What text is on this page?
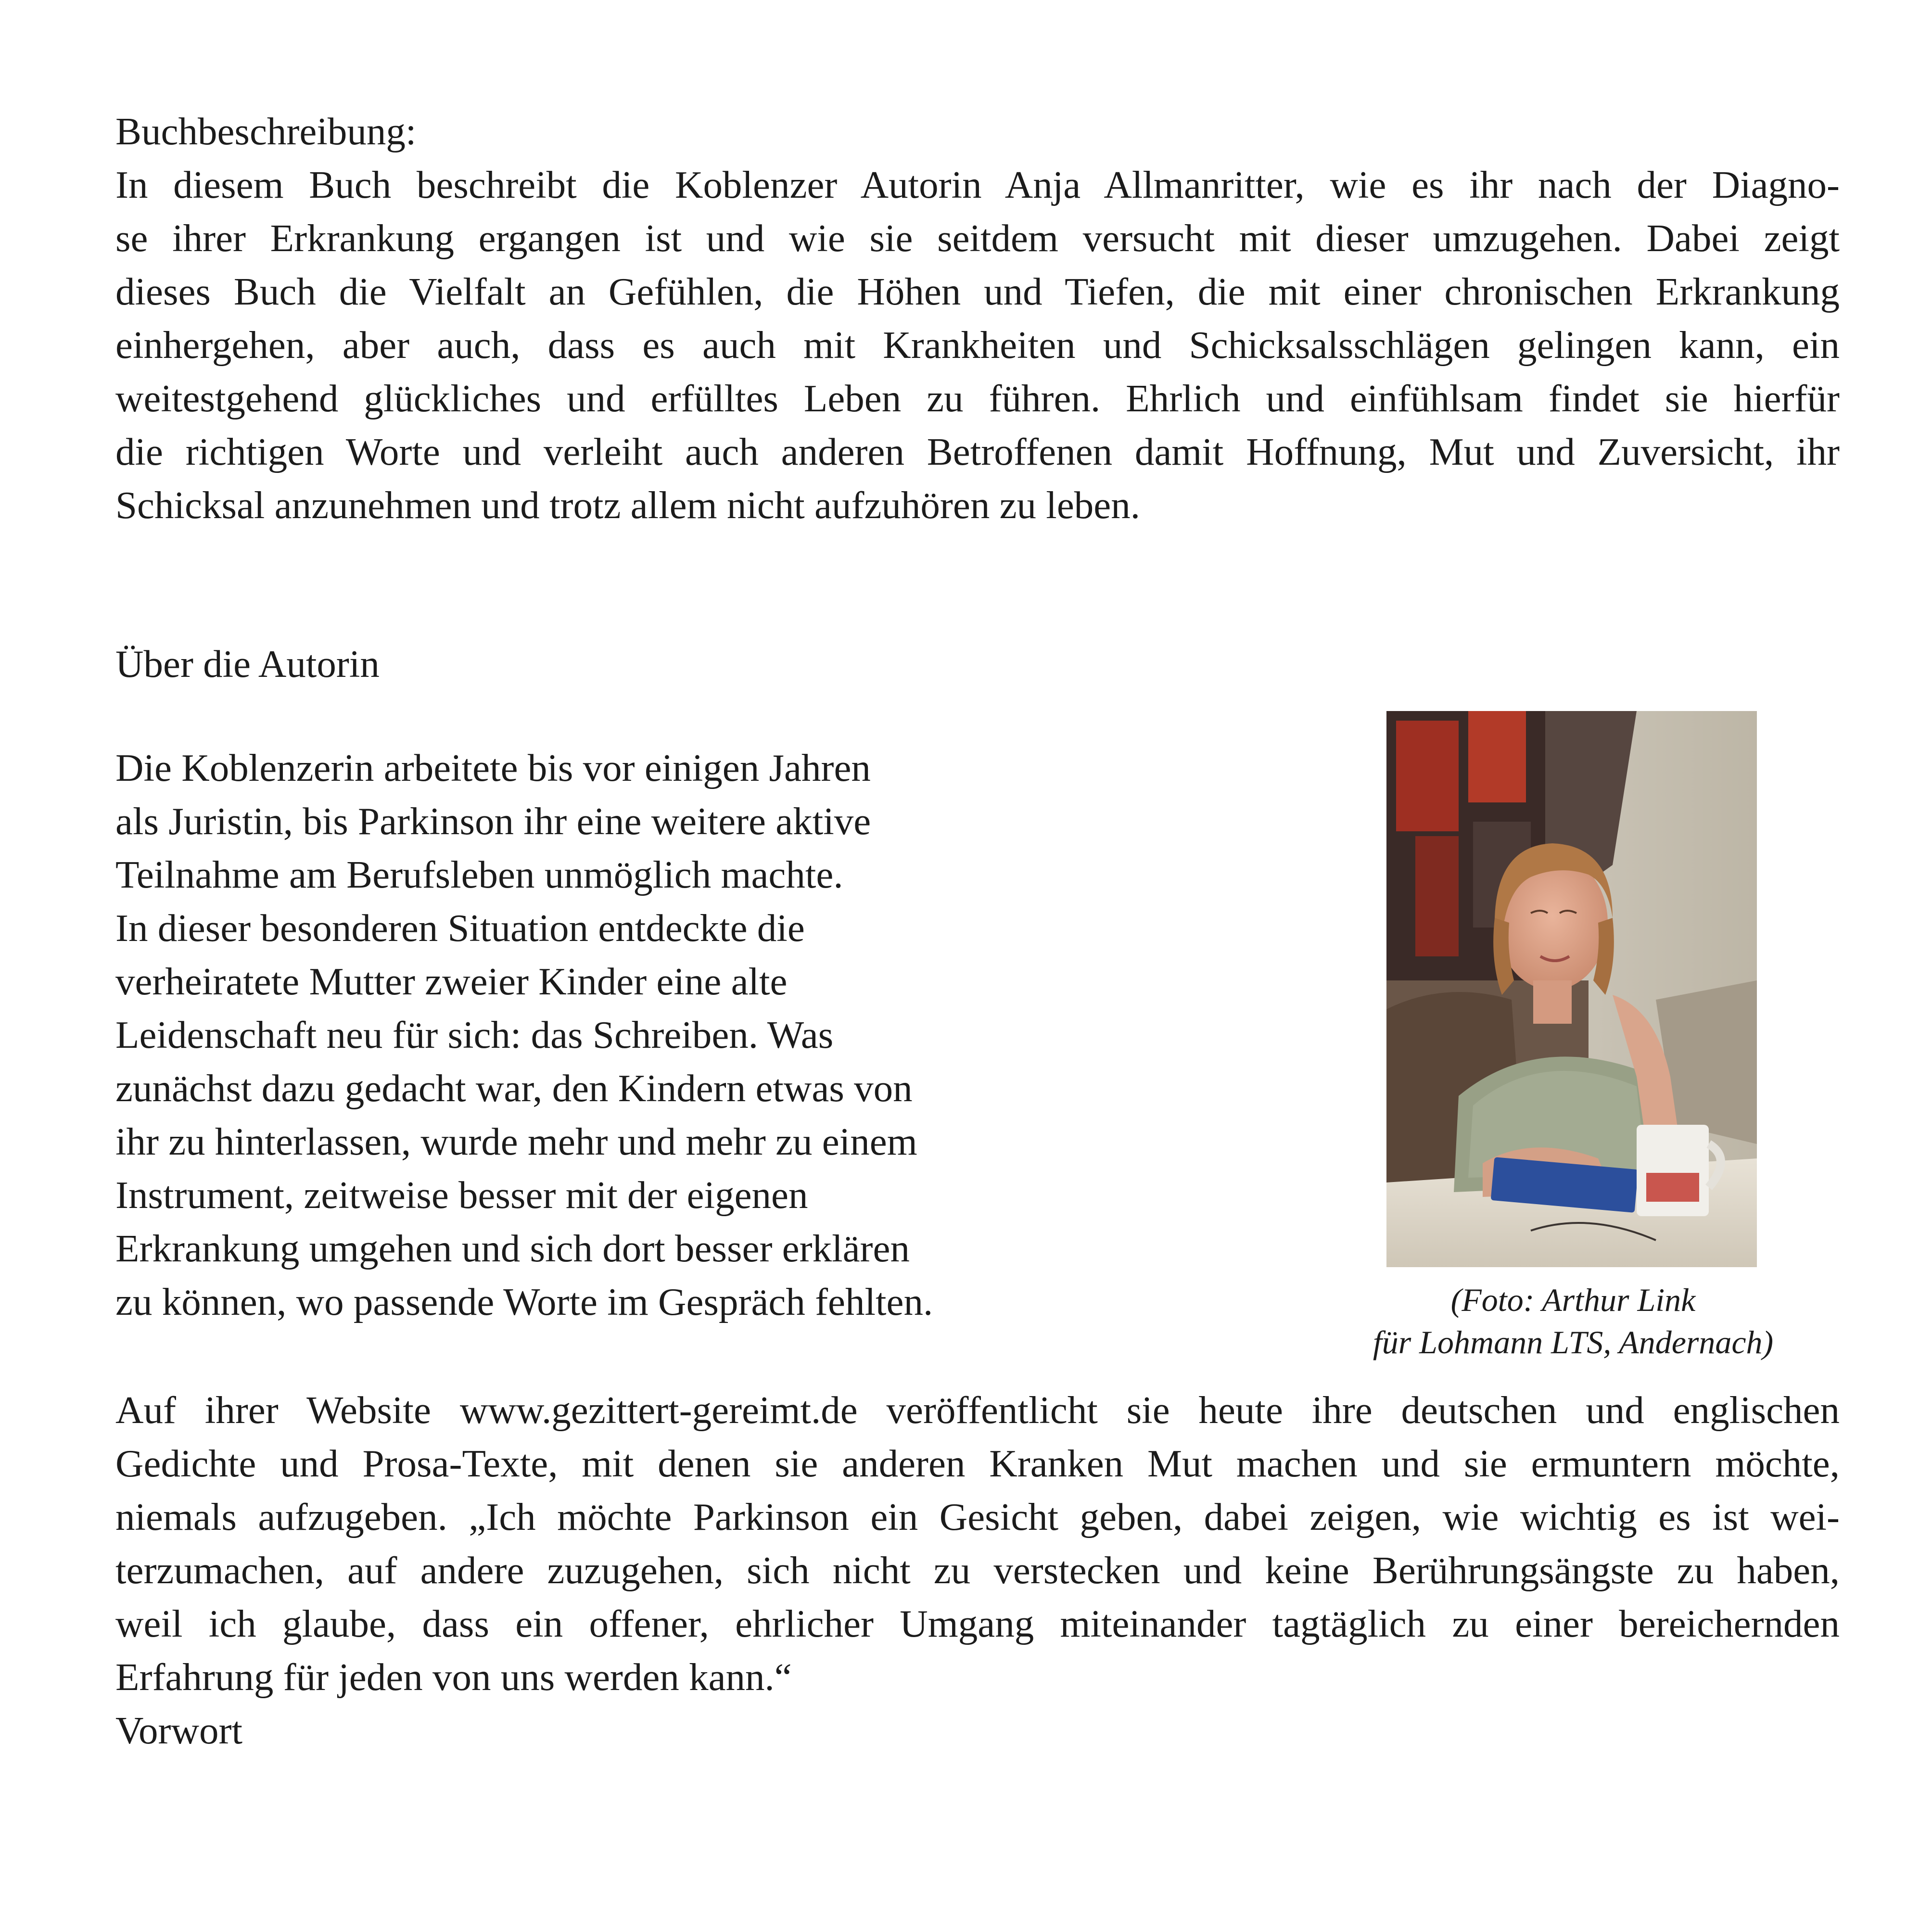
Buchbeschreibung:
In diesem Buch beschreibt die Koblenzer Autorin Anja Allmanritter, wie es ihr nach der Diagno-
se ihrer Erkrankung ergangen ist und wie sie seitdem versucht mit dieser umzugehen. Dabei zeigt
dieses Buch die Vielfalt an Gefühlen, die Höhen und Tiefen, die mit einer chronischen Erkrankung
einhergehen, aber auch, dass es auch mit Krankheiten und Schicksalsschlägen gelingen kann, ein
weitestgehend glückliches und erfülltes Leben zu führen. Ehrlich und einfühlsam findet sie hierfür
die richtigen Worte und verleiht auch anderen Betroffenen damit Hoffnung, Mut und Zuversicht, ihr
Schicksal anzunehmen und trotz allem nicht aufzuhören zu leben.
Über die Autorin
Die Koblenzerin arbeitete bis vor einigen Jahren
als Juristin, bis Parkinson ihr eine weitere aktive
Teilnahme am Berufsleben unmöglich machte.
In dieser besonderen Situation entdeckte die
verheiratete Mutter zweier Kinder eine alte
Leidenschaft neu für sich: das Schreiben. Was
zunächst dazu gedacht war, den Kindern etwas von
ihr zu hinterlassen, wurde mehr und mehr zu einem
Instrument, zeitweise besser mit der eigenen
Erkrankung umgehen und sich dort besser erklären
zu können, wo passende Worte im Gespräch fehlten.	(Foto: Arthur Link
für Lohmann LTS, Andernach)
Auf ihrer Website www.gezittert-gereimt.de veröffentlicht sie heute ihre deutschen und englischen
Gedichte und Prosa-Texte, mit denen sie anderen Kranken Mut machen und sie ermuntern möchte,
niemals aufzugeben. „Ich möchte Parkinson ein Gesicht geben, dabei zeigen, wie wichtig es ist wei-
terzumachen, auf andere zuzugehen, sich nicht zu verstecken und keine Berührungsängste zu haben,
weil ich glaube, dass ein offener, ehrlicher Umgang miteinander tagtäglich zu einer bereichernden
Erfahrung für jeden von uns werden kann.“
Vorwort
